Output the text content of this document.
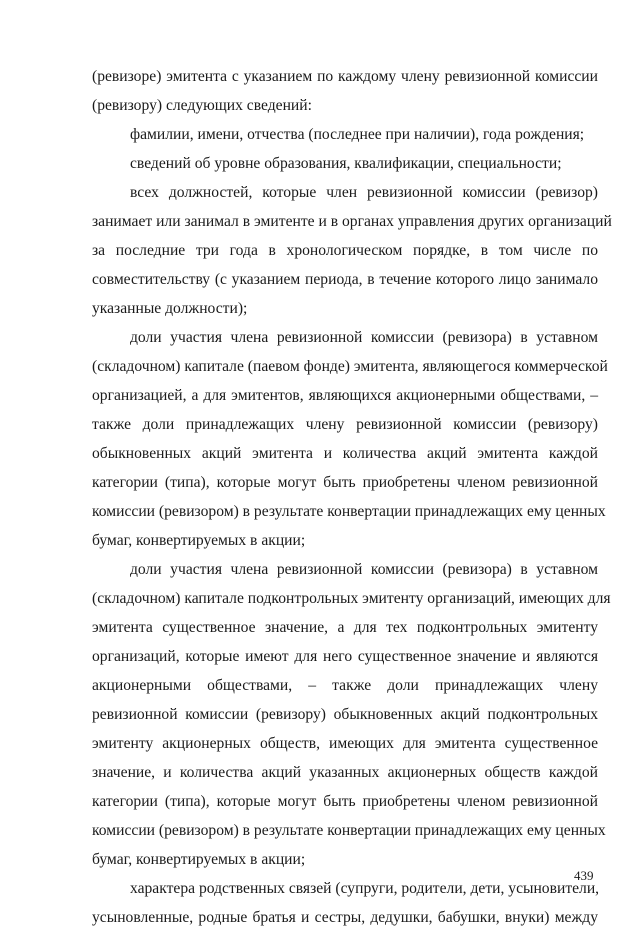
(ревизоре) эмитента с указанием по каждому члену ревизионной комиссии
(ревизору) следующих сведений:
фамилии, имени, отчества (последнее при наличии), года рождения;
сведений об уровне образования, квалификации, специальности;
всех должностей, которые член ревизионной комиссии (ревизор)
занимает или занимал в эмитенте и в органах управления других организаций
за последние три года в хронологическом порядке, в том числе по
совместительству (с указанием периода, в течение которого лицо занимало
указанные должности);
доли участия члена ревизионной комиссии (ревизора) в уставном
(складочном) капитале (паевом фонде) эмитента, являющегося коммерческой
организацией, а для эмитентов, являющихся акционерными обществами, –
также доли принадлежащих члену ревизионной комиссии (ревизору)
обыкновенных акций эмитента и количества акций эмитента каждой
категории (типа), которые могут быть приобретены членом ревизионной
комиссии (ревизором) в результате конвертации принадлежащих ему ценных
бумаг, конвертируемых в акции;
доли участия члена ревизионной комиссии (ревизора) в уставном
(складочном) капитале подконтрольных эмитенту организаций, имеющих для
эмитента существенное значение, а для тех подконтрольных эмитенту
организаций, которые имеют для него существенное значение и являются
акционерными обществами, – также доли принадлежащих члену
ревизионной комиссии (ревизору) обыкновенных акций подконтрольных
эмитенту акционерных обществ, имеющих для эмитента существенное
значение, и количества акций указанных акционерных обществ каждой
категории (типа), которые могут быть приобретены членом ревизионной
комиссии (ревизором) в результате конвертации принадлежащих ему ценных
бумаг, конвертируемых в акции;
характера родственных связей (супруги, родители, дети, усыновители,
усыновленные, родные братья и сестры, дедушки, бабушки, внуки) между
439
